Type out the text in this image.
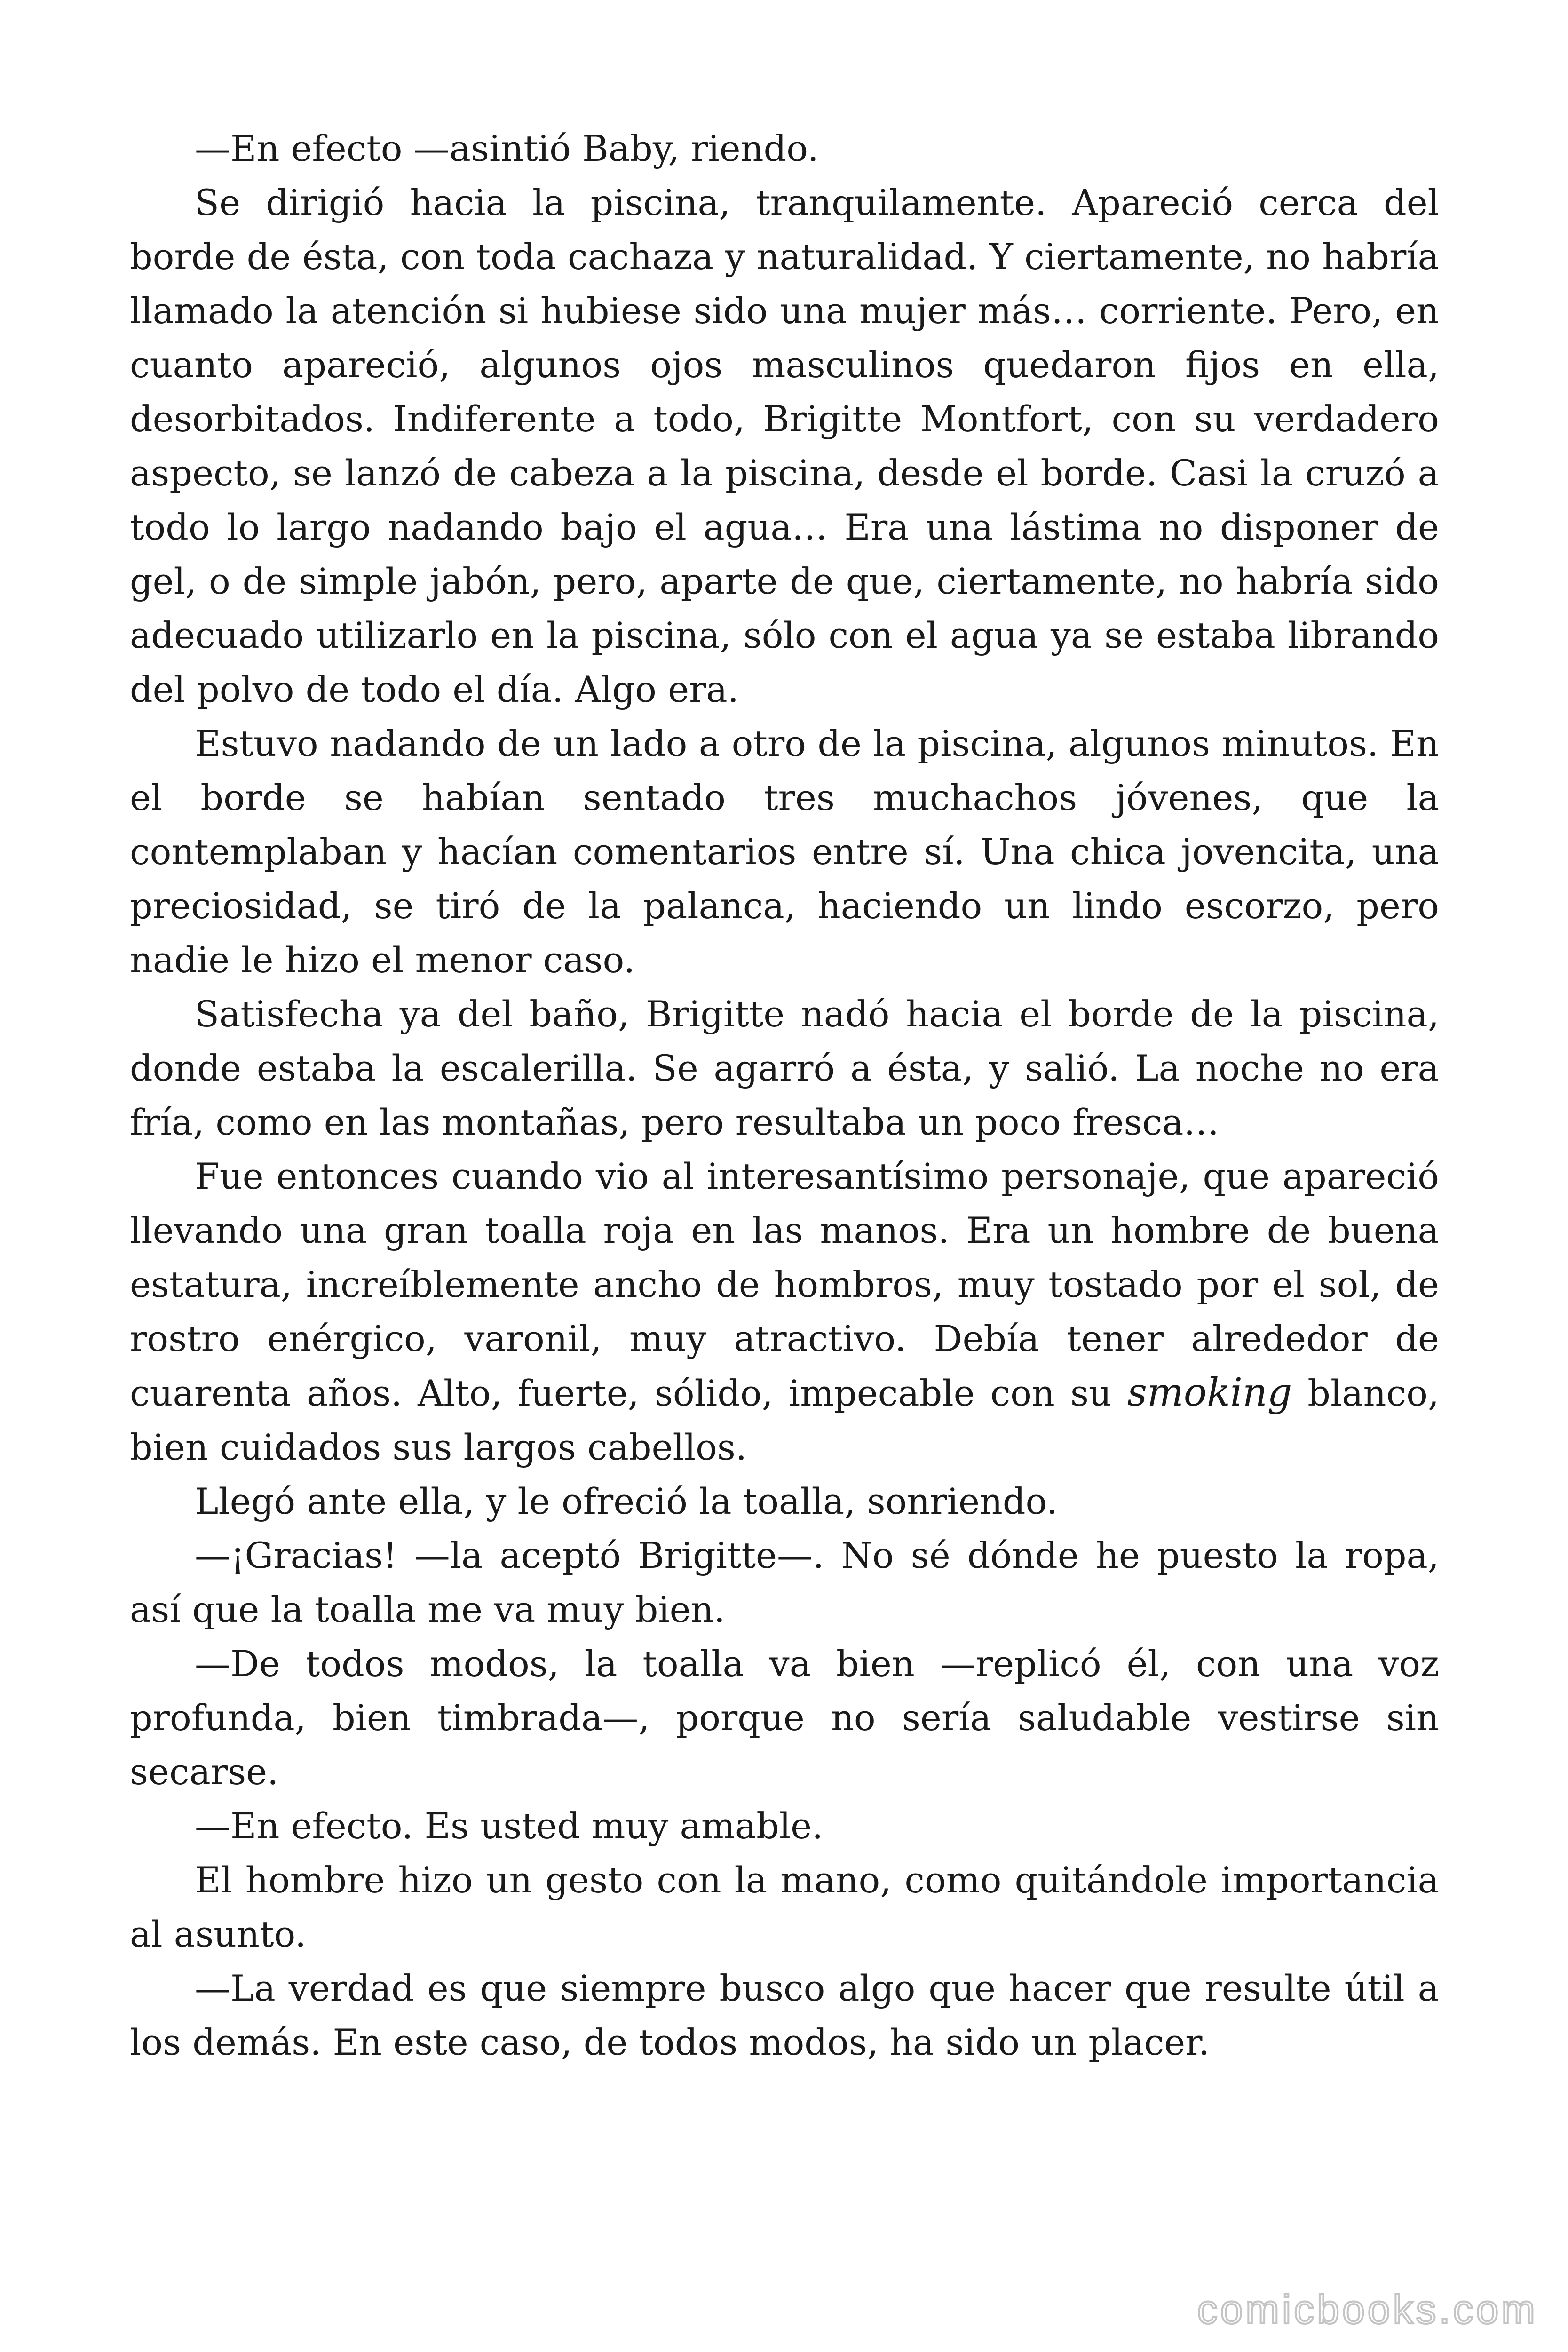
—En efecto —asintió Baby, riendo.

Se dirigió hacia la piscina, tranquilamente. Apareció cerca del borde de ésta, con toda cachaza y naturalidad. Y ciertamente, no habría llamado la atención si hubiese sido una mujer más… corriente. Pero, en cuanto apareció, algunos ojos masculinos quedaron fijos en ella, desorbitados. Indiferente a todo, Brigitte Montfort, con su verdadero aspecto, se lanzó de cabeza a la piscina, desde el borde. Casi la cruzó a todo lo largo nadando bajo el agua… Era una lástima no disponer de gel, o de simple jabón, pero, aparte de que, ciertamente, no habría sido adecuado utilizarlo en la piscina, sólo con el agua ya se estaba librando del polvo de todo el día. Algo era.

Estuvo nadando de un lado a otro de la piscina, algunos minutos. En el borde se habían sentado tres muchachos jóvenes, que la contemplaban y hacían comentarios entre sí. Una chica jovencita, una preciosidad, se tiró de la palanca, haciendo un lindo escorzo, pero nadie le hizo el menor caso.

Satisfecha ya del baño, Brigitte nadó hacia el borde de la piscina, donde estaba la escalerilla. Se agarró a ésta, y salió. La noche no era fría, como en las montañas, pero resultaba un poco fresca…

Fue entonces cuando vio al interesantísimo personaje, que apareció llevando una gran toalla roja en las manos. Era un hombre de buena estatura, increíblemente ancho de hombros, muy tostado por el sol, de rostro enérgico, varonil, muy atractivo. Debía tener alrededor de cuarenta años. Alto, fuerte, sólido, impecable con su smoking blanco, bien cuidados sus largos cabellos.

Llegó ante ella, y le ofreció la toalla, sonriendo.

—¡Gracias! —la aceptó Brigitte—. No sé dónde he puesto la ropa, así que la toalla me va muy bien.

—De todos modos, la toalla va bien —replicó él, con una voz profunda, bien timbrada—, porque no sería saludable vestirse sin secarse.

—En efecto. Es usted muy amable.

El hombre hizo un gesto con la mano, como quitándole importancia al asunto.

—La verdad es que siempre busco algo que hacer que resulte útil a los demás. En este caso, de todos modos, ha sido un placer.

comicbooks.com
